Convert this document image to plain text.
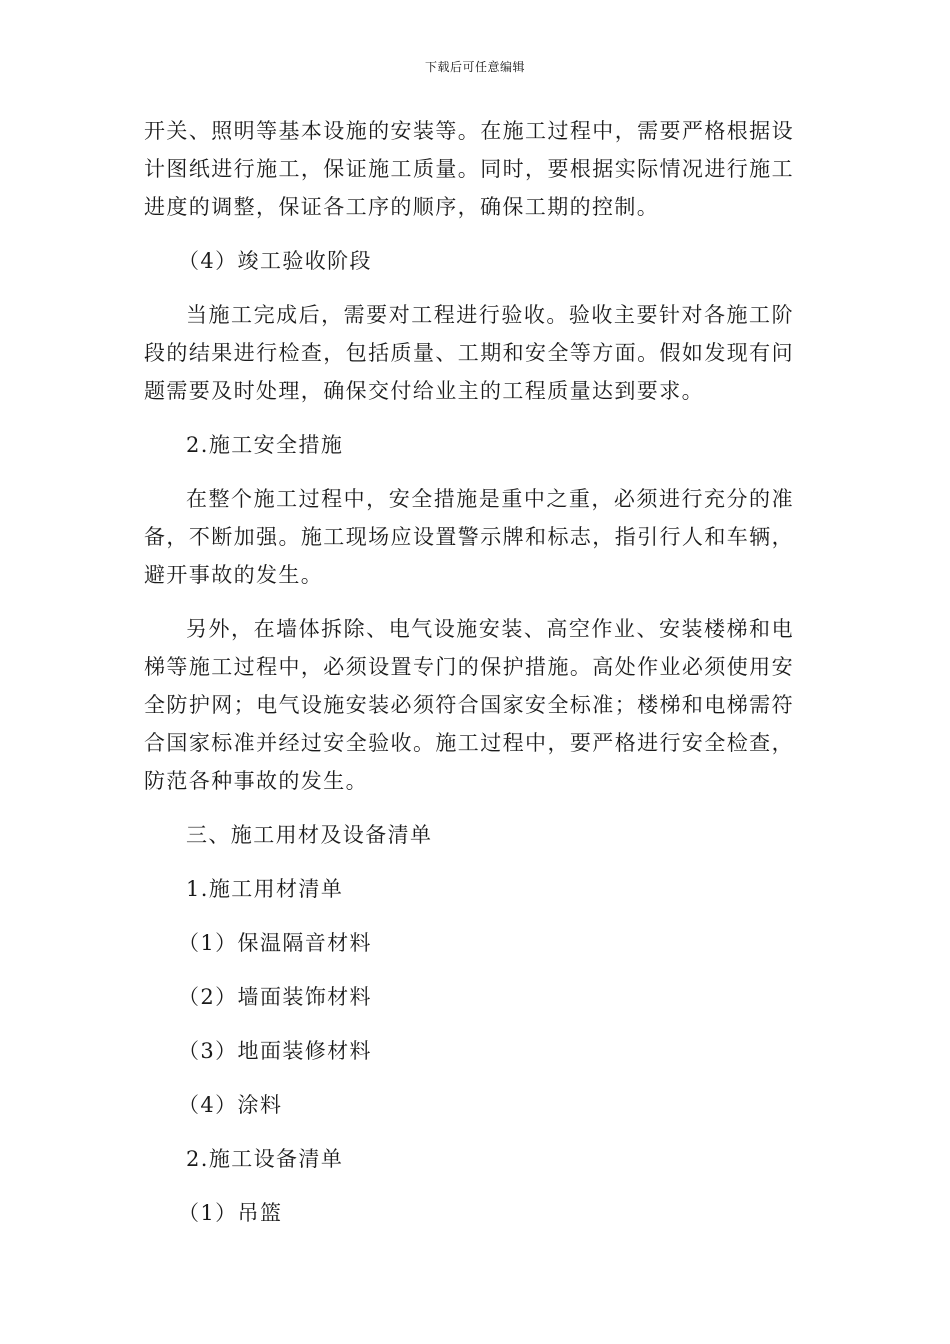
下载后可任意编辑

开关、照明等基本设施的安装等。在施工过程中，需要严格根据设计图纸进行施工，保证施工质量。同时，要根据实际情况进行施工进度的调整，保证各工序的顺序，确保工期的控制。

（4）竣工验收阶段

当施工完成后，需要对工程进行验收。验收主要针对各施工阶段的结果进行检查，包括质量、工期和安全等方面。假如发现有问题需要及时处理，确保交付给业主的工程质量达到要求。

2.施工安全措施

在整个施工过程中，安全措施是重中之重，必须进行充分的准备，不断加强。施工现场应设置警示牌和标志，指引行人和车辆，避开事故的发生。

另外，在墙体拆除、电气设施安装、高空作业、安装楼梯和电梯等施工过程中，必须设置专门的保护措施。高处作业必须使用安全防护网；电气设施安装必须符合国家安全标准；楼梯和电梯需符合国家标准并经过安全验收。施工过程中，要严格进行安全检查，防范各种事故的发生。

三、施工用材及设备清单

1.施工用材清单

（1）保温隔音材料

（2）墙面装饰材料

（3）地面装修材料

（4）涂料

2.施工设备清单

（1）吊篮
